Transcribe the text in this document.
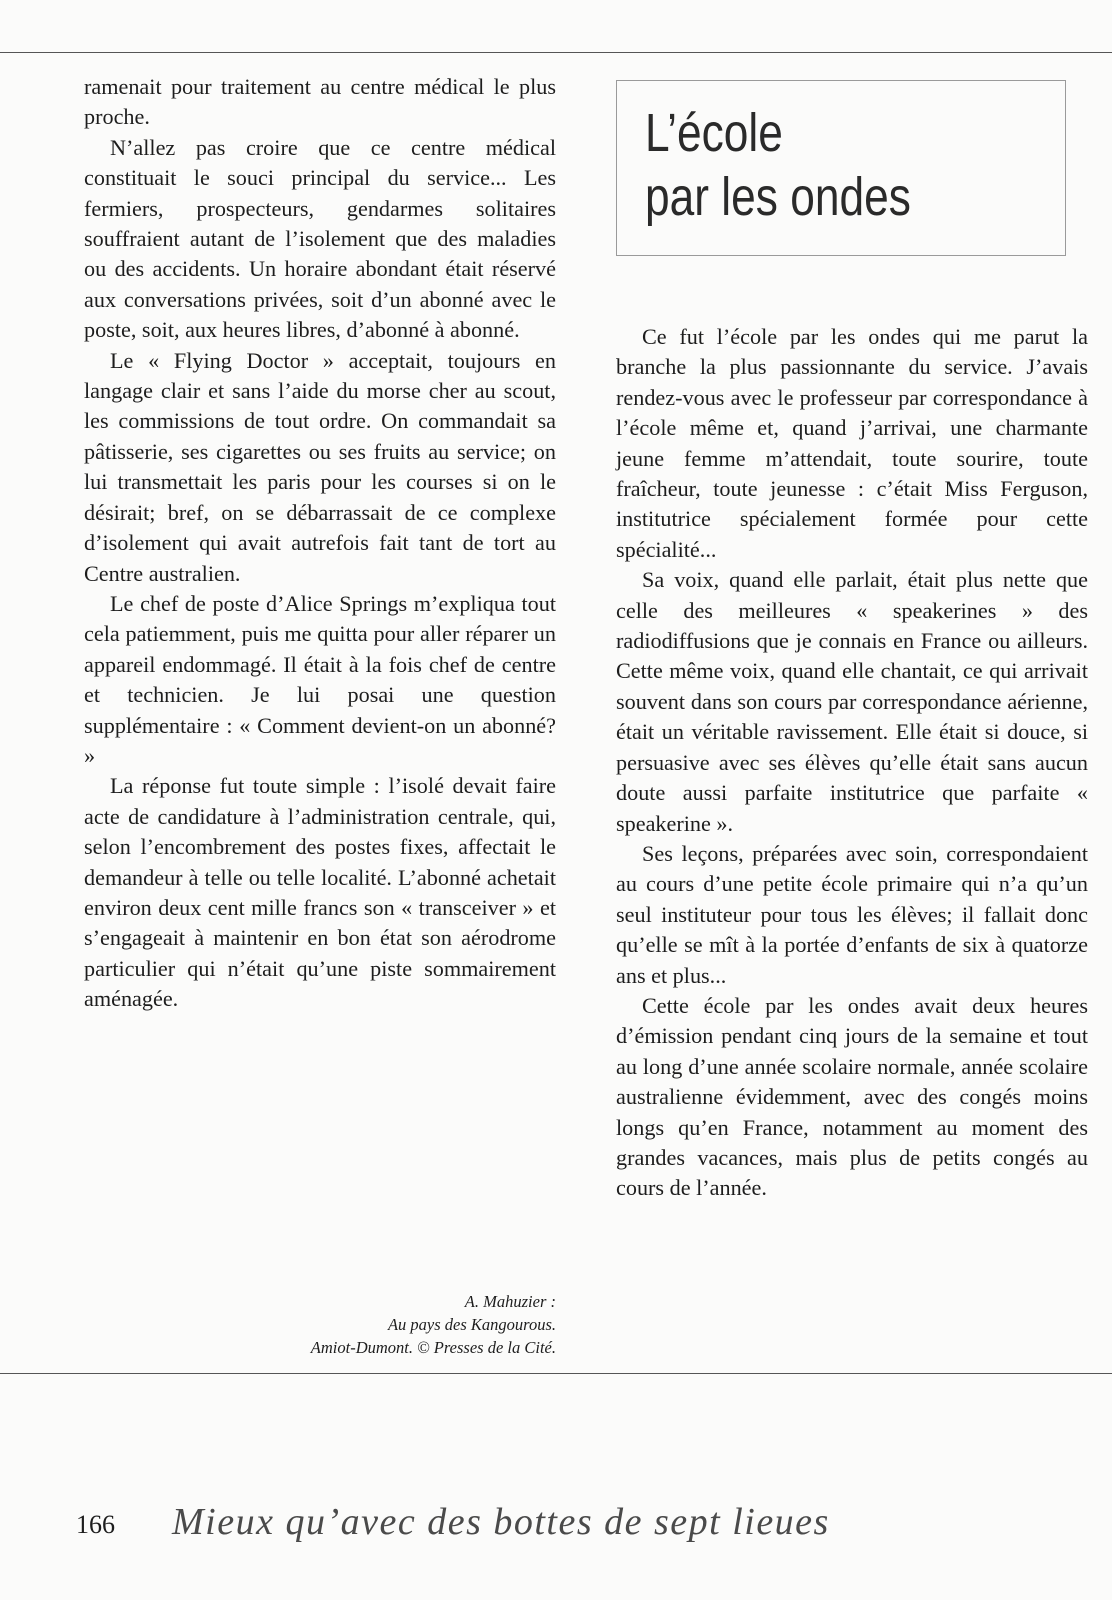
ramenait pour traitement au centre médical le plus proche.

N’allez pas croire que ce centre médical constituait le souci principal du service... Les fermiers, prospecteurs, gendarmes solitaires souffraient autant de l’isolement que des maladies ou des accidents. Un horaire abondant était réservé aux conversations privées, soit d’un abonné avec le poste, soit, aux heures libres, d’abonné à abonné.

Le « Flying Doctor » acceptait, toujours en langage clair et sans l’aide du morse cher au scout, les commissions de tout ordre. On commandait sa pâtisserie, ses cigarettes ou ses fruits au service; on lui transmettait les paris pour les courses si on le désirait; bref, on se débarrassait de ce complexe d’isolement qui avait autrefois fait tant de tort au Centre australien.

Le chef de poste d’Alice Springs m’expliqua tout cela patiemment, puis me quitta pour aller réparer un appareil endommagé. Il était à la fois chef de centre et technicien. Je lui posai une question supplémentaire : « Comment devient-on un abonné? »

La réponse fut toute simple : l’isolé devait faire acte de candidature à l’administration centrale, qui, selon l’encombrement des postes fixes, affectait le demandeur à telle ou telle localité. L’abonné achetait environ deux cent mille francs son « transceiver » et s’engageait à maintenir en bon état son aérodrome particulier qui n’était qu’une piste sommairement aménagée.

A. Mahuzier :
Au pays des Kangourous.
Amiot-Dumont. © Presses de la Cité.
L’école
par les ondes

Ce fut l’école par les ondes qui me parut la branche la plus passionnante du service. J’avais rendez-vous avec le professeur par correspondance à l’école même et, quand j’arrivai, une charmante jeune femme m’attendait, toute sourire, toute fraîcheur, toute jeunesse : c’était Miss Ferguson, institutrice spécialement formée pour cette spécialité...

Sa voix, quand elle parlait, était plus nette que celle des meilleures « speakerines » des radiodiffusions que je connais en France ou ailleurs. Cette même voix, quand elle chantait, ce qui arrivait souvent dans son cours par correspondance aérienne, était un véritable ravissement. Elle était si douce, si persuasive avec ses élèves qu’elle était sans aucun doute aussi parfaite institutrice que parfaite « speakerine ».

Ses leçons, préparées avec soin, correspondaient au cours d’une petite école primaire qui n’a qu’un seul instituteur pour tous les élèves; il fallait donc qu’elle se mît à la portée d’enfants de six à quatorze ans et plus...

Cette école par les ondes avait deux heures d’émission pendant cinq jours de la semaine et tout au long d’une année scolaire normale, année scolaire australienne évidemment, avec des congés moins longs qu’en France, notamment au moment des grandes vacances, mais plus de petits congés au cours de l’année.

166 Mieux qu’avec des bottes de sept lieues
